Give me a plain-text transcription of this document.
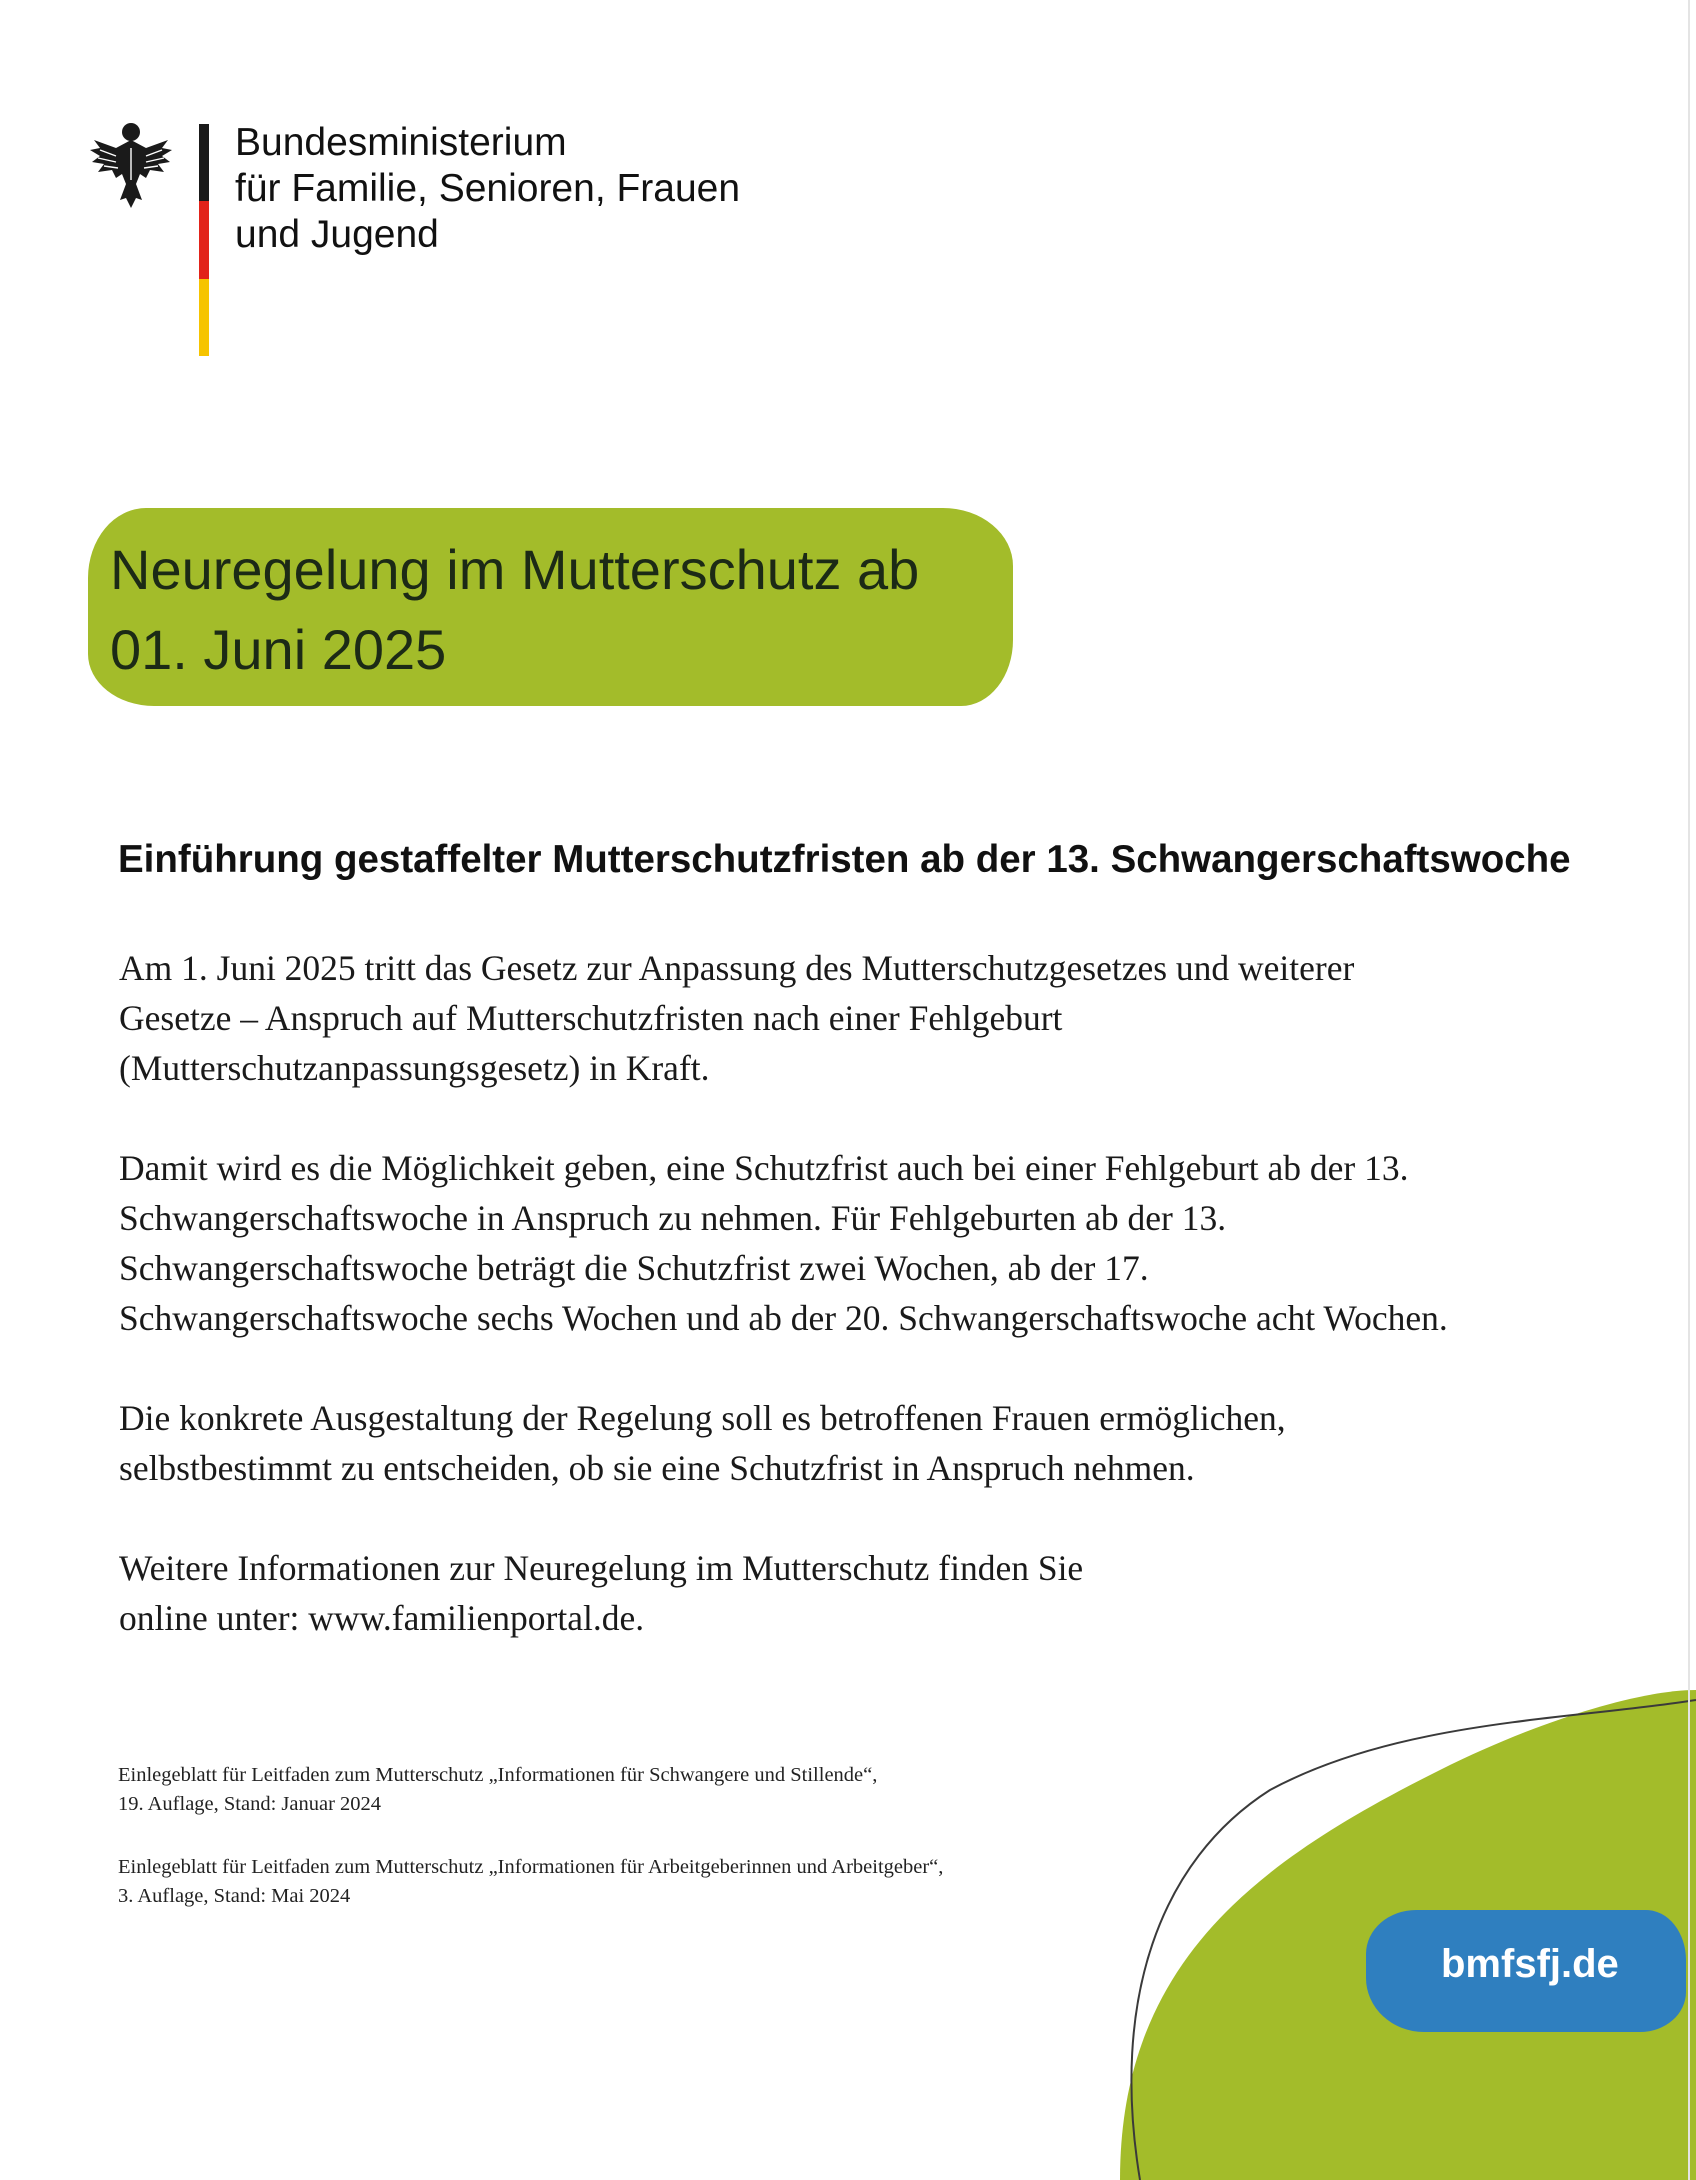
Bundesministerium
für Familie, Senioren, Frauen
und Jugend
Neuregelung im Mutterschutz ab
01. Juni 2025
Einführung gestaffelter Mutterschutzfristen ab der 13. Schwangerschaftswoche
Am 1. Juni 2025 tritt das Gesetz zur Anpassung des Mutterschutzgesetzes und weiterer
Gesetze – Anspruch auf Mutterschutzfristen nach einer Fehlgeburt
(Mutterschutzanpassungsgesetz) in Kraft.
Damit wird es die Möglichkeit geben, eine Schutzfrist auch bei einer Fehlgeburt ab der 13.
Schwangerschaftswoche in Anspruch zu nehmen. Für Fehlgeburten ab der 13.
Schwangerschaftswoche beträgt die Schutzfrist zwei Wochen, ab der 17.
Schwangerschaftswoche sechs Wochen und ab der 20. Schwangerschaftswoche acht Wochen.
Die konkrete Ausgestaltung der Regelung soll es betroffenen Frauen ermöglichen,
selbstbestimmt zu entscheiden, ob sie eine Schutzfrist in Anspruch nehmen.
Weitere Informationen zur Neuregelung im Mutterschutz finden Sie
online unter: www.familienportal.de.
Einlegeblatt für Leitfaden zum Mutterschutz „Informationen für Schwangere und Stillende“,
19. Auflage, Stand: Januar 2024
Einlegeblatt für Leitfaden zum Mutterschutz „Informationen für Arbeitgeberinnen und Arbeitgeber“,
3. Auflage, Stand: Mai 2024
bmfsfj.de
